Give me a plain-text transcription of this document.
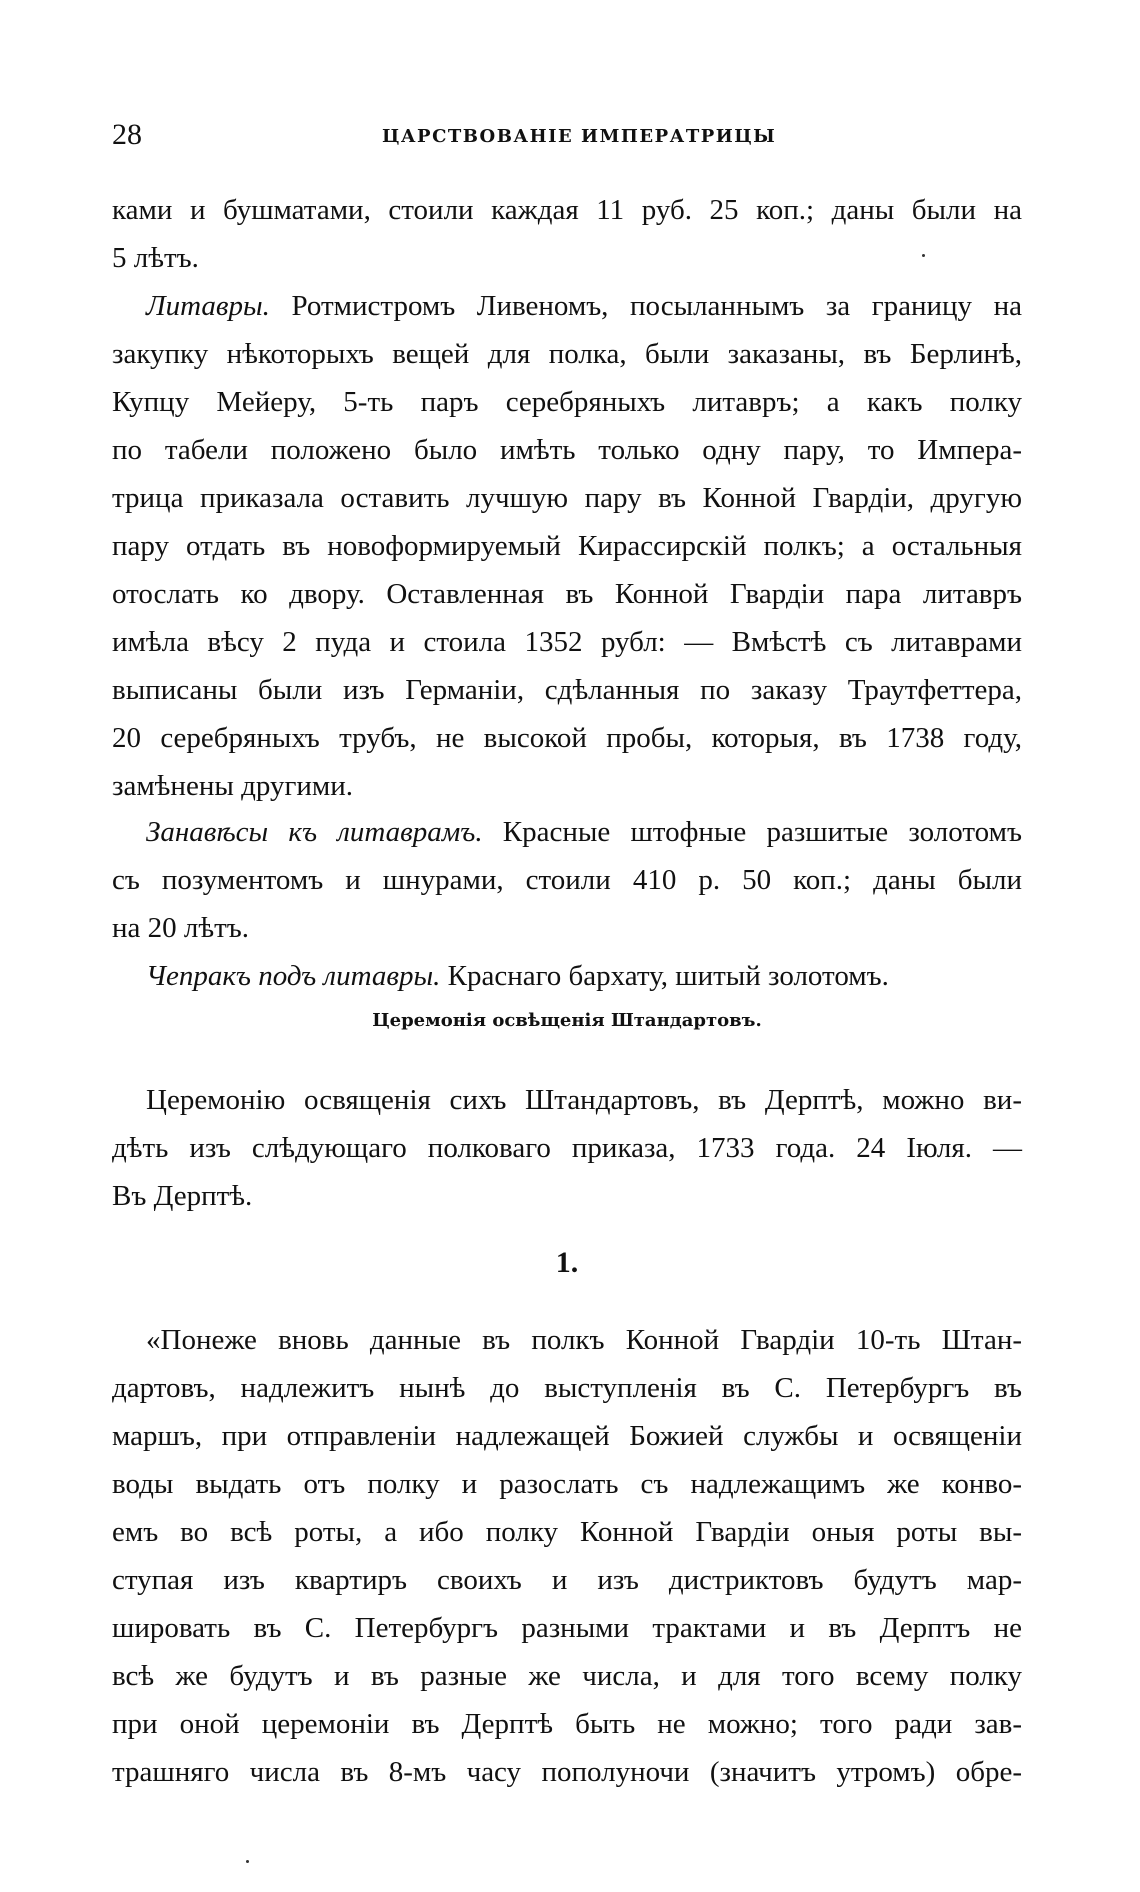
28	ЦАРСТВОВАНІЕ ИМПЕРАТРИЦЫ
ками и бушматами, стоили каждая 11 руб. 25 коп.; даны были на
5 лѣтъ.
Литавры. Ротмистромъ Ливеномъ, посыланнымъ за границу на
закупку нѣкоторыхъ вещей для полка, были заказаны, въ Берлинѣ,
Купцу Мейеру, 5-ть паръ серебряныхъ литавръ; а какъ полку
по табели положено было имѣть только одну пару, то Импера-
трица приказала оставить лучшую пару въ Конной Гвардіи, другую
пару отдать въ новоформируемый Кирассирскій полкъ; а остальныя
отослать ко двору. Оставленная въ Конной Гвардіи пара литавръ
имѣла вѣсу 2 пуда и стоила 1352 рубл: — Вмѣстѣ съ литаврами
выписаны были изъ Германіи, сдѣланныя по заказу Траутфеттера,
20 серебряныхъ трубъ, не высокой пробы, которыя, въ 1738 году,
замѣнены другими.
Занавѣсы къ литаврамъ. Красные штофные разшитые золотомъ
съ позументомъ и шнурами, стоили 410 р. 50 коп.; даны были
на 20 лѣтъ.
Чепракъ подъ литавры. Краснаго бархату, шитый золотомъ.
Церемонія освѣщенія Штандартовъ.
Церемонію освященія сихъ Штандартовъ, въ Дерптѣ, можно ви-
дѣть изъ слѣдующаго полковаго приказа, 1733 года. 24 Іюля. —
Въ Дерптѣ.
1.
«Понеже вновь данные въ полкъ Конной Гвардіи 10-ть Штан-
дартовъ, надлежитъ нынѣ до выступленія въ С. Петербургъ въ
маршъ, при отправленіи надлежащей Божией службы и освященіи
воды выдать отъ полку и разослать съ надлежащимъ же конво-
емъ во всѣ роты, а ибо полку Конной Гвардіи оныя роты вы-
ступая изъ квартиръ своихъ и изъ дистриктовъ будутъ мар-
шировать въ С. Петербургъ разными трактами и въ Дерптъ не
всѣ же будутъ и въ разные же числа, и для того всему полку
при оной церемоніи въ Дерптѣ быть не можно; того ради зав-
трашняго числа въ 8-мъ часу пополуночи (значитъ утромъ) обре-
